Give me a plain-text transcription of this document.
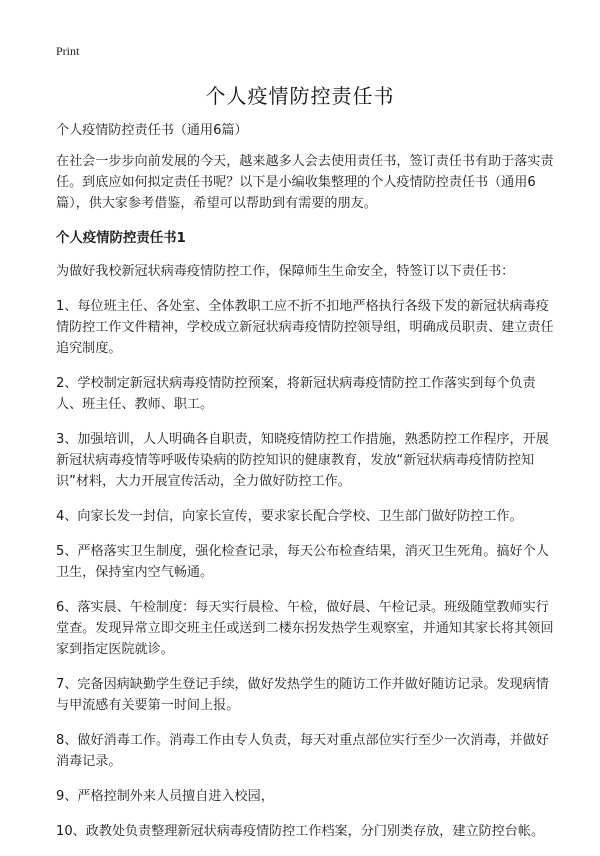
Print
个人疫情防控责任书

个人疫情防控责任书（通用6篇）

在社会一步步向前发展的今天，越来越多人会去使用责任书，签订责任书有助于落实责任。到底应如何拟定责任书呢？以下是小编收集整理的个人疫情防控责任书（通用6篇），供大家参考借鉴，希望可以帮助到有需要的朋友。

个人疫情防控责任书1

为做好我校新冠状病毒疫情防控工作，保障师生生命安全，特签订以下责任书：

1、每位班主任、各处室、全体教职工应不折不扣地严格执行各级下发的新冠状病毒疫情防控工作文件精神，学校成立新冠状病毒疫情防控领导组，明确成员职责、建立责任追究制度。

2、学校制定新冠状病毒疫情防控预案，将新冠状病毒疫情防控工作落实到每个负责人、班主任、教师、职工。

3、加强培训，人人明确各自职责，知晓疫情防控工作措施，熟悉防控工作程序，开展新冠状病毒疫情等呼吸传染病的防控知识的健康教育，发放“新冠状病毒疫情防控知识”材料，大力开展宣传活动，全力做好防控工作。

4、向家长发一封信，向家长宣传，要求家长配合学校、卫生部门做好防控工作。

5、严格落实卫生制度，强化检查记录，每天公布检查结果，消灭卫生死角。搞好个人卫生，保持室内空气畅通。

6、落实晨、午检制度：每天实行晨检、午检，做好晨、午检记录。班级随堂教师实行堂查。发现异常立即交班主任或送到二楼东拐发热学生观察室，并通知其家长将其领回家到指定医院就诊。

7、完备因病缺勤学生登记手续，做好发热学生的随访工作并做好随访记录。发现病情与甲流感有关要第一时间上报。

8、做好消毒工作。消毒工作由专人负责，每天对重点部位实行至少一次消毒，并做好消毒记录。

9、严格控制外来人员擅自进入校园，

10、政教处负责整理新冠状病毒疫情防控工作档案，分门别类存放，建立防控台帐。
